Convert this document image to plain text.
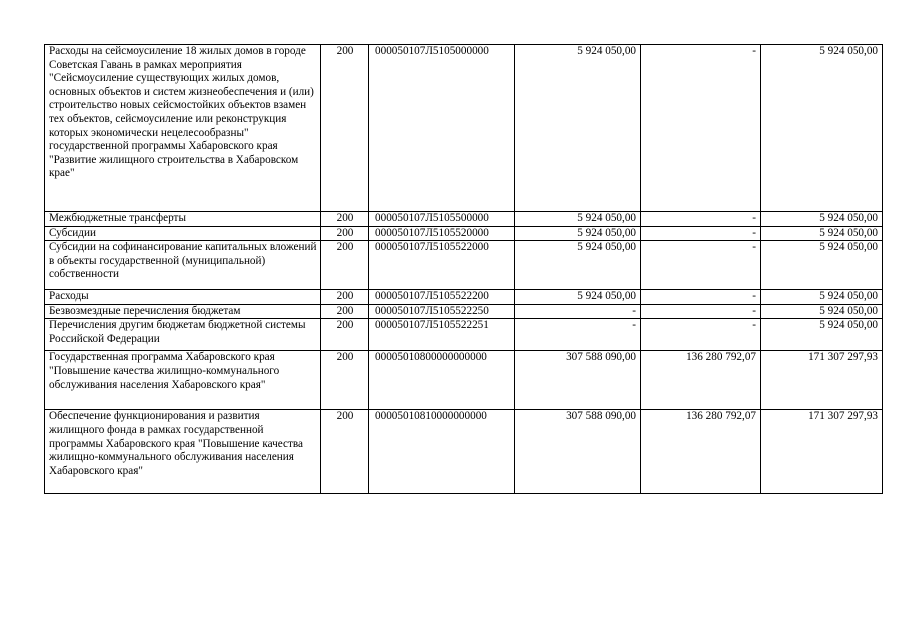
Расходы на сейсмоусиление 18 жилых домов в городе Советская Гавань в рамках мероприятия "Сейсмоусиление существующих жилых домов, основных объектов и систем жизнеобеспечения и (или) строительство новых сейсмостойких объектов взамен тех объектов, сейсмоусиление или реконструкция которых экономически нецелесообразны" государственной программы Хабаровского края "Развитие жилищного строительства в Хабаровском крае"	200	000050107Л5105000000	5 924 050,00	-	5 924 050,00
Межбюджетные трансферты	200	000050107Л5105500000	5 924 050,00	-	5 924 050,00
Субсидии	200	000050107Л5105520000	5 924 050,00	-	5 924 050,00
Субсидии на софинансирование капитальных вложений в объекты государственной (муниципальной) собственности	200	000050107Л5105522000	5 924 050,00	-	5 924 050,00
Расходы	200	000050107Л5105522200	5 924 050,00	-	5 924 050,00
Безвозмездные перечисления бюджетам	200	000050107Л5105522250	-	-	5 924 050,00
Перечисления другим бюджетам бюджетной системы Российской Федерации	200	000050107Л5105522251	-	-	5 924 050,00
Государственная программа Хабаровского края "Повышение качества жилищно-коммунального обслуживания населения Хабаровского края"	200	00005010800000000000	307 588 090,00	136 280 792,07	171 307 297,93
Обеспечение функционирования и развития жилищного фонда в рамках государственной программы Хабаровского края "Повышение качества жилищно-коммунального обслуживания населения Хабаровского края"	200	00005010810000000000	307 588 090,00	136 280 792,07	171 307 297,93
